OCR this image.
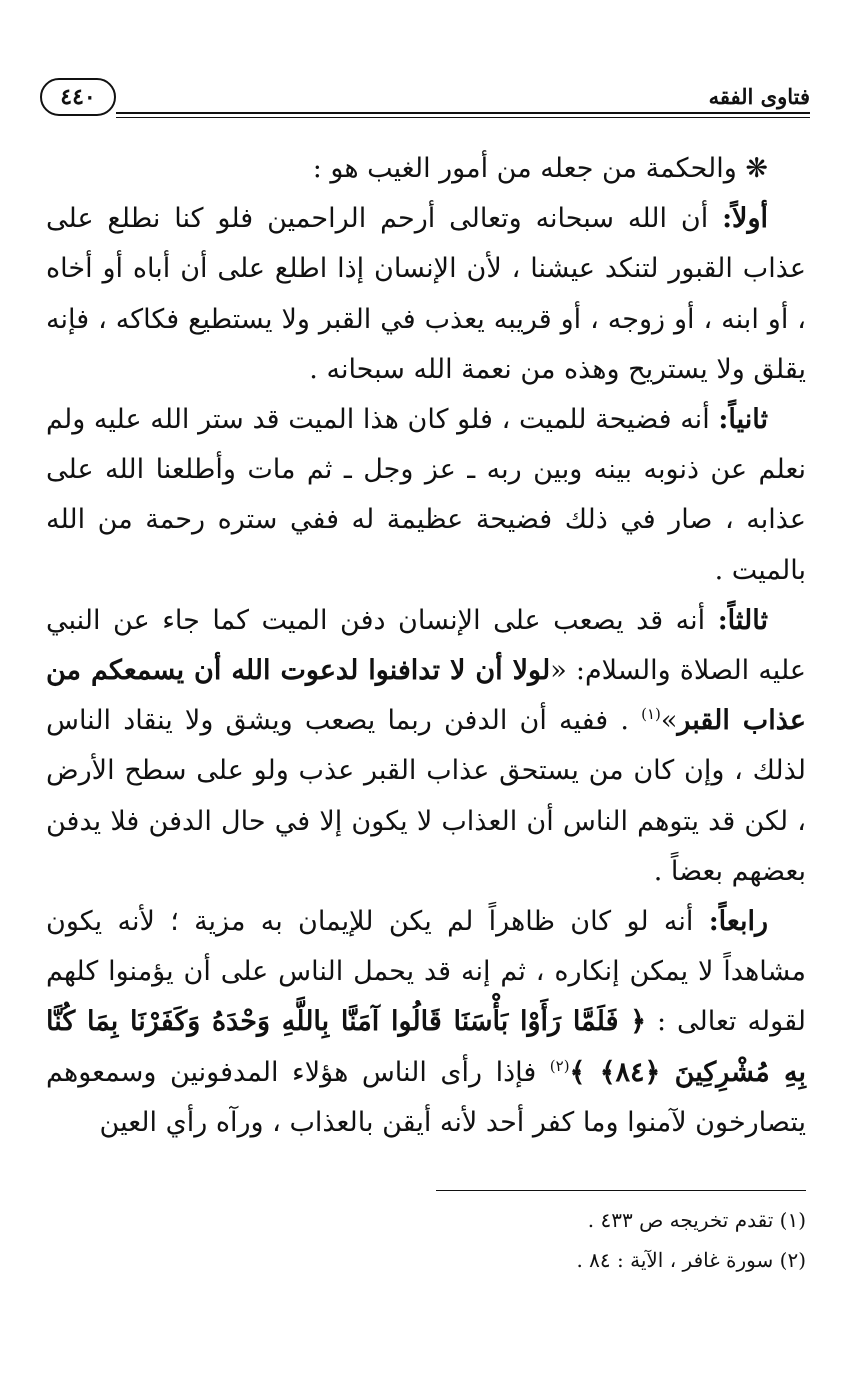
فتاوى الفقه
٤٤٠

❋ والحكمة من جعله من أمور الغيب هو :

أولاً: أن الله سبحانه وتعالى أرحم الراحمين فلو كنا نطلع على عذاب القبور لتنكد عيشنا ، لأن الإنسان إذا اطلع على أن أباه أو أخاه ، أو ابنه ، أو زوجه ، أو قريبه يعذب في القبر ولا يستطيع فكاكه ، فإنه يقلق ولا يستريح وهذه من نعمة الله سبحانه .

ثانياً: أنه فضيحة للميت ، فلو كان هذا الميت قد ستر الله عليه ولم نعلم عن ذنوبه بينه وبين ربه ـ عز وجل ـ ثم مات وأطلعنا الله على عذابه ، صار في ذلك فضيحة عظيمة له ففي ستره رحمة من الله بالميت .

ثالثاً: أنه قد يصعب على الإنسان دفن الميت كما جاء عن النبي عليه الصلاة والسلام: «لولا أن لا تدافنوا لدعوت الله أن يسمعكم من عذاب القبر»$^{(١)}$ . ففيه أن الدفن ربما يصعب ويشق ولا ينقاد الناس لذلك ، وإن كان من يستحق عذاب القبر عذب ولو على سطح الأرض ، لكن قد يتوهم الناس أن العذاب لا يكون إلا في حال الدفن فلا يدفن بعضهم بعضاً .

رابعاً: أنه لو كان ظاهراً لم يكن للإيمان به مزية ؛ لأنه يكون مشاهداً لا يمكن إنكاره ، ثم إنه قد يحمل الناس على أن يؤمنوا كلهم لقوله تعالى : ﴿ فَلَمَّا رَأَوْا بَأْسَنَا قَالُوا آمَنَّا بِاللَّهِ وَحْدَهُ وَكَفَرْنَا بِمَا كُنَّا بِهِ مُشْرِكِينَ ﴿٨٤﴾ ﴾$^{(٢)}$ فإذا رأى الناس هؤلاء المدفونين وسمعوهم يتصارخون لآمنوا وما كفر أحد لأنه أيقن بالعذاب ، ورآه رأي العين

(١) تقدم تخريجه ص ٤٣٣ .
(٢) سورة غافر ، الآية : ٨٤ .
